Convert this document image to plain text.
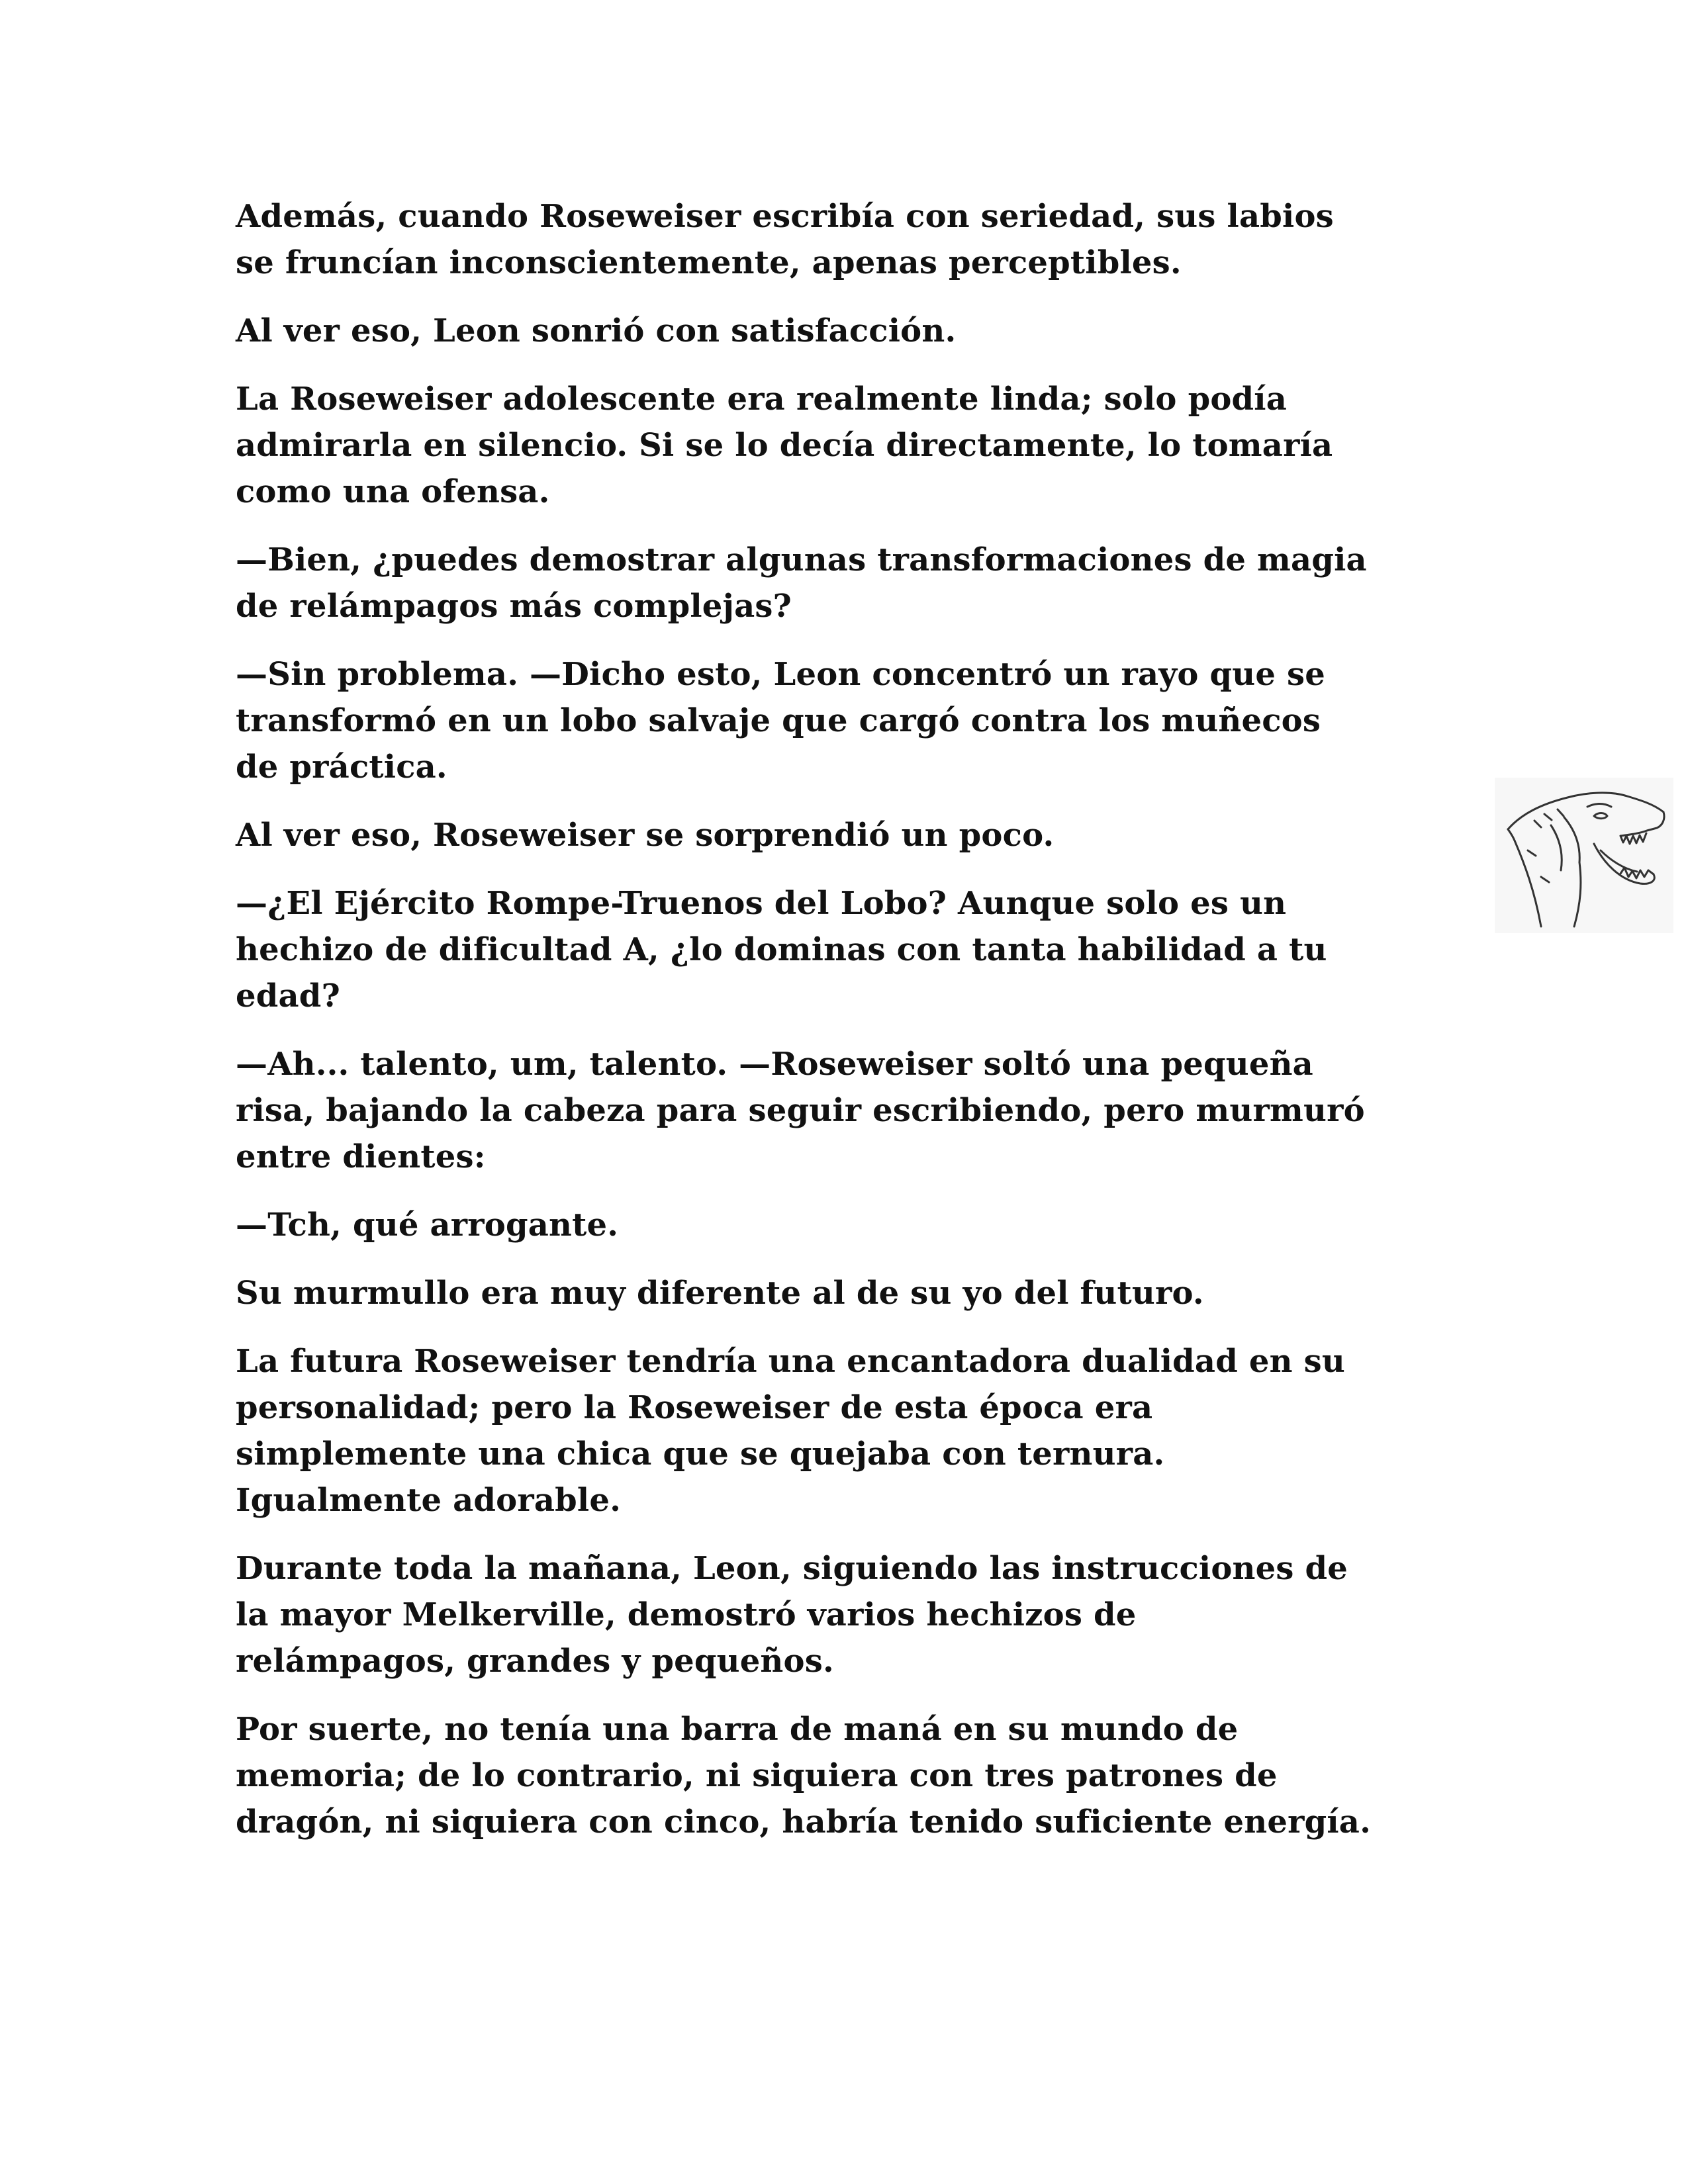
Además, cuando Roseweiser escribía con seriedad, sus labios
se fruncían inconscientemente, apenas perceptibles.

Al ver eso, Leon sonrió con satisfacción.

La Roseweiser adolescente era realmente linda; solo podía
admirarla en silencio. Si se lo decía directamente, lo tomaría
como una ofensa.

—Bien, ¿puedes demostrar algunas transformaciones de magia
de relámpagos más complejas?

—Sin problema. —Dicho esto, Leon concentró un rayo que se
transformó en un lobo salvaje que cargó contra los muñecos
de práctica.

Al ver eso, Roseweiser se sorprendió un poco.

—¿El Ejército Rompe-Truenos del Lobo? Aunque solo es un
hechizo de dificultad A, ¿lo dominas con tanta habilidad a tu
edad?

—Ah... talento, um, talento. —Roseweiser soltó una pequeña
risa, bajando la cabeza para seguir escribiendo, pero murmuró
entre dientes:

—Tch, qué arrogante.

Su murmullo era muy diferente al de su yo del futuro.

La futura Roseweiser tendría una encantadora dualidad en su
personalidad; pero la Roseweiser de esta época era
simplemente una chica que se quejaba con ternura.
Igualmente adorable.

Durante toda la mañana, Leon, siguiendo las instrucciones de
la mayor Melkerville, demostró varios hechizos de
relámpagos, grandes y pequeños.

Por suerte, no tenía una barra de maná en su mundo de
memoria; de lo contrario, ni siquiera con tres patrones de
dragón, ni siquiera con cinco, habría tenido suficiente energía.
